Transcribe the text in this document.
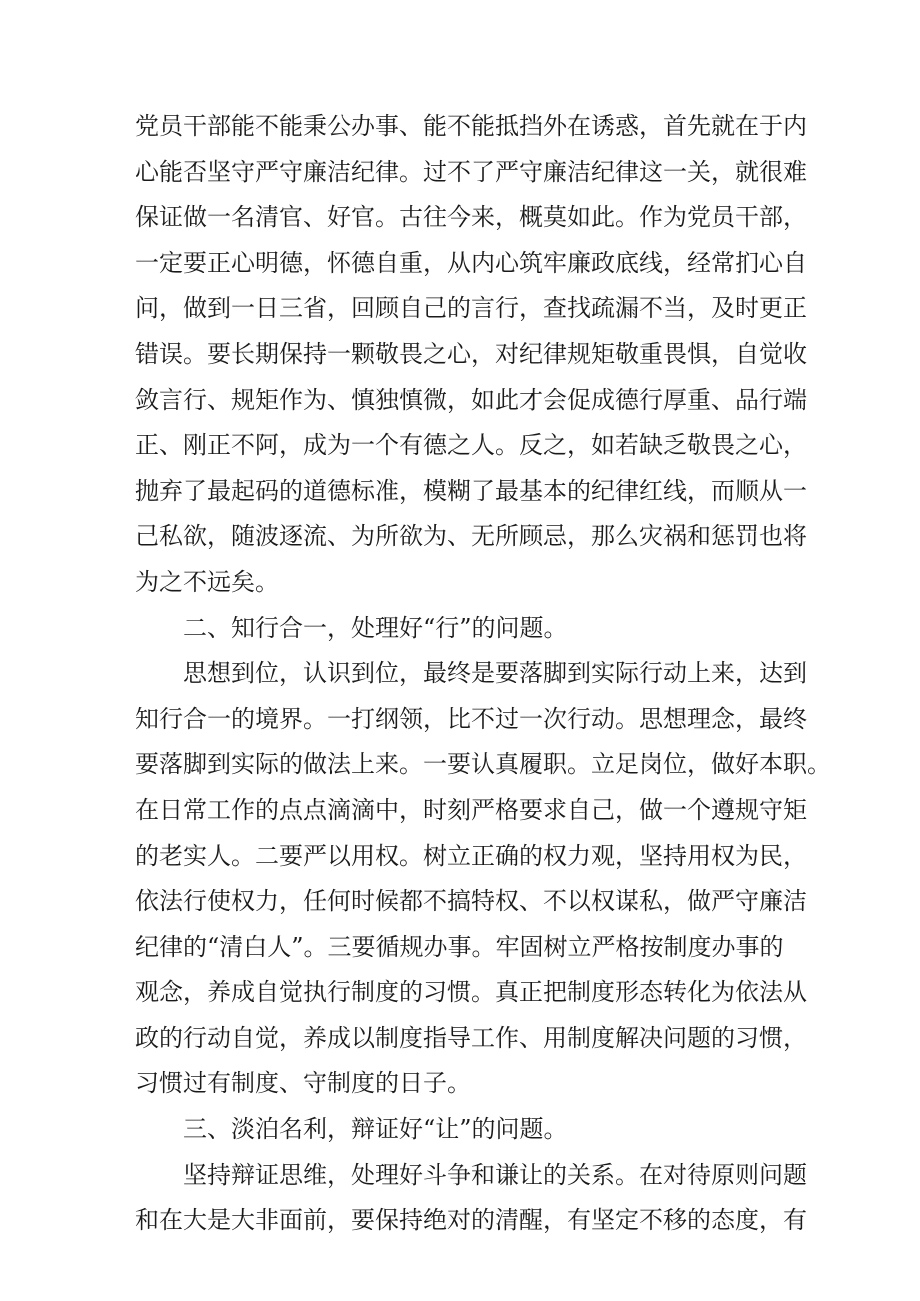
党员干部能不能秉公办事、能不能抵挡外在诱惑，首先就在于内
心能否坚守严守廉洁纪律。过不了严守廉洁纪律这一关，就很难
保证做一名清官、好官。古往今来，概莫如此。作为党员干部，
一定要正心明德，怀德自重，从内心筑牢廉政底线，经常扪心自
问，做到一日三省，回顾自己的言行，查找疏漏不当，及时更正
错误。要长期保持一颗敬畏之心，对纪律规矩敬重畏惧，自觉收
敛言行、规矩作为、慎独慎微，如此才会促成德行厚重、品行端
正、刚正不阿，成为一个有德之人。反之，如若缺乏敬畏之心，
抛弃了最起码的道德标准，模糊了最基本的纪律红线，而顺从一
己私欲，随波逐流、为所欲为、无所顾忌，那么灾祸和惩罚也将
为之不远矣。

二、知行合一，处理好“行”的问题。

思想到位，认识到位，最终是要落脚到实际行动上来，达到
知行合一的境界。一打纲领，比不过一次行动。思想理念，最终
要落脚到实际的做法上来。一要认真履职。立足岗位，做好本职。
在日常工作的点点滴滴中，时刻严格要求自己，做一个遵规守矩
的老实人。二要严以用权。树立正确的权力观，坚持用权为民，
依法行使权力，任何时候都不搞特权、不以权谋私，做严守廉洁
纪律的“清白人”。三要循规办事。牢固树立严格按制度办事的
观念，养成自觉执行制度的习惯。真正把制度形态转化为依法从
政的行动自觉，养成以制度指导工作、用制度解决问题的习惯，
习惯过有制度、守制度的日子。

三、淡泊名利，辩证好“让”的问题。

坚持辩证思维，处理好斗争和谦让的关系。在对待原则问题
和在大是大非面前，要保持绝对的清醒，有坚定不移的态度，有
